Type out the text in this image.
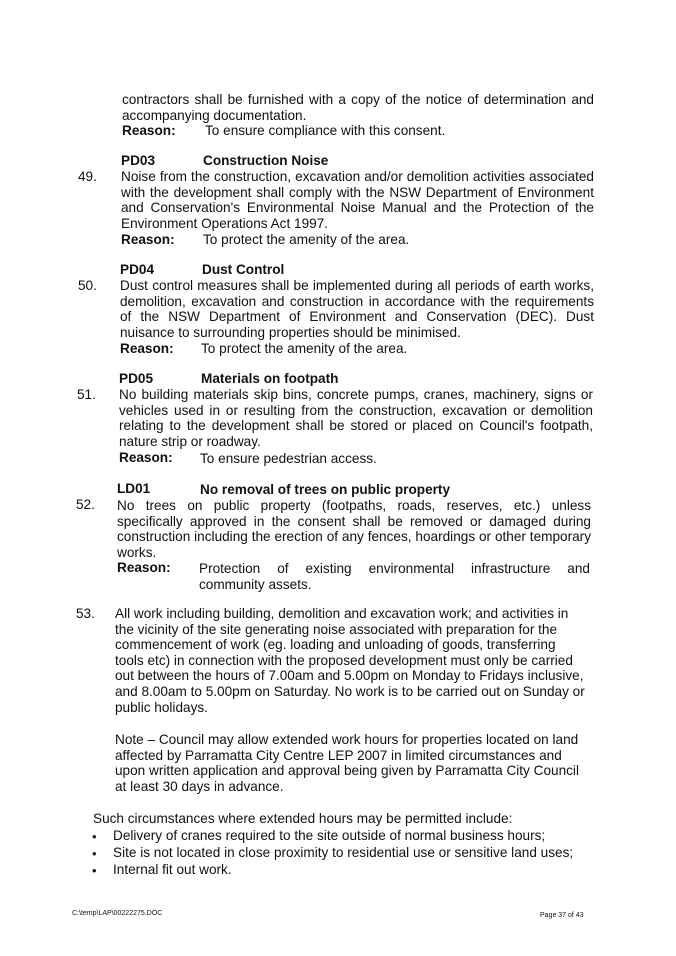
contractors shall be furnished with a copy of the notice of determination and accompanying documentation.
Reason: To ensure compliance with this consent.
PD03	Construction Noise
49. Noise from the construction, excavation and/or demolition activities associated with the development shall comply with the NSW Department of Environment and Conservation's Environmental Noise Manual and the Protection of the Environment Operations Act 1997.
Reason: To protect the amenity of the area.
PD04	Dust Control
50. Dust control measures shall be implemented during all periods of earth works, demolition, excavation and construction in accordance with the requirements of the NSW Department of Environment and Conservation (DEC). Dust nuisance to surrounding properties should be minimised.
Reason: To protect the amenity of the area.
PD05	Materials on footpath
51. No building materials skip bins, concrete pumps, cranes, machinery, signs or vehicles used in or resulting from the construction, excavation or demolition relating to the development shall be stored or placed on Council's footpath, nature strip or roadway.
Reason: To ensure pedestrian access.
LD01	No removal of trees on public property
52. No trees on public property (footpaths, roads, reserves, etc.) unless specifically approved in the consent shall be removed or damaged during construction including the erection of any fences, hoardings or other temporary works.
Reason: Protection of existing environmental infrastructure and community assets.
53. All work including building, demolition and excavation work; and activities in the vicinity of the site generating noise associated with preparation for the commencement of work (eg. loading and unloading of goods, transferring tools etc) in connection with the proposed development must only be carried out between the hours of 7.00am and 5.00pm on Monday to Fridays inclusive, and 8.00am to 5.00pm on Saturday. No work is to be carried out on Sunday or public holidays.
Note – Council may allow extended work hours for properties located on land affected by Parramatta City Centre LEP 2007 in limited circumstances and upon written application and approval being given by Parramatta City Council at least 30 days in advance.
Such circumstances where extended hours may be permitted include:
• Delivery of cranes required to the site outside of normal business hours;
• Site is not located in close proximity to residential use or sensitive land uses;
• Internal fit out work.
C:\temp\LAP\00222275.DOC	Page 37 of 43
